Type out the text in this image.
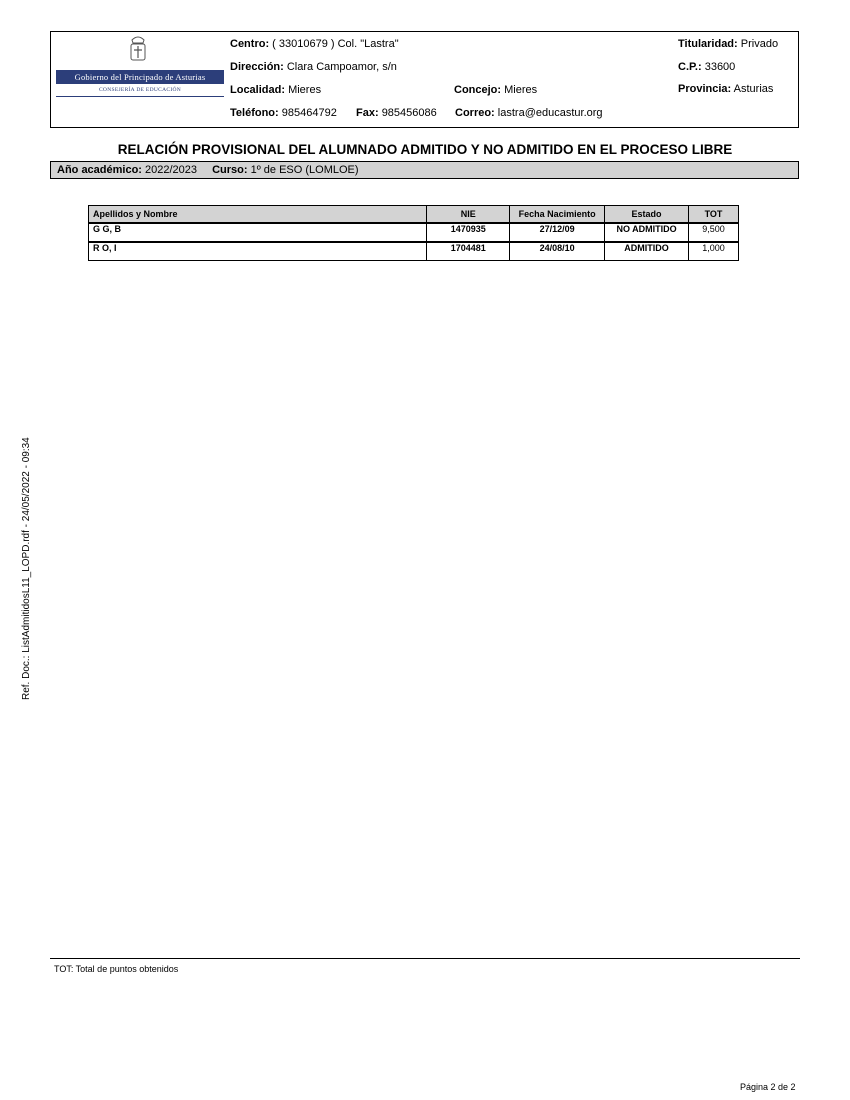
Gobierno del Principado de Asturias
CONSEJERÍA DE EDUCACIÓN
Centro: ( 33010679 ) Col. "Lastra"
Dirección: Clara Campoamor, s/n
Localidad: Mieres	Concejo: Mieres
Teléfono: 985464792 Fax: 985456086 Correo: lastra@educastur.org
Titularidad: Privado
C.P.: 33600
Provincia: Asturias
RELACIÓN PROVISIONAL DEL ALUMNADO ADMITIDO Y NO ADMITIDO EN EL PROCESO LIBRE
Año académico: 2022/2023 Curso: 1º de ESO (LOMLOE)
Apellidos y Nombre	NIE	Fecha Nacimiento	Estado	TOT
G G, B	1470935	27/12/09	NO ADMITIDO	9,500
R O, I	1704481	24/08/10	ADMITIDO	1,000
Ref. Doc.: ListAdmitidosL11_LOPD.rdf - 24/05/2022 - 09:34
TOT: Total de puntos obtenidos
Página 2 de 2
